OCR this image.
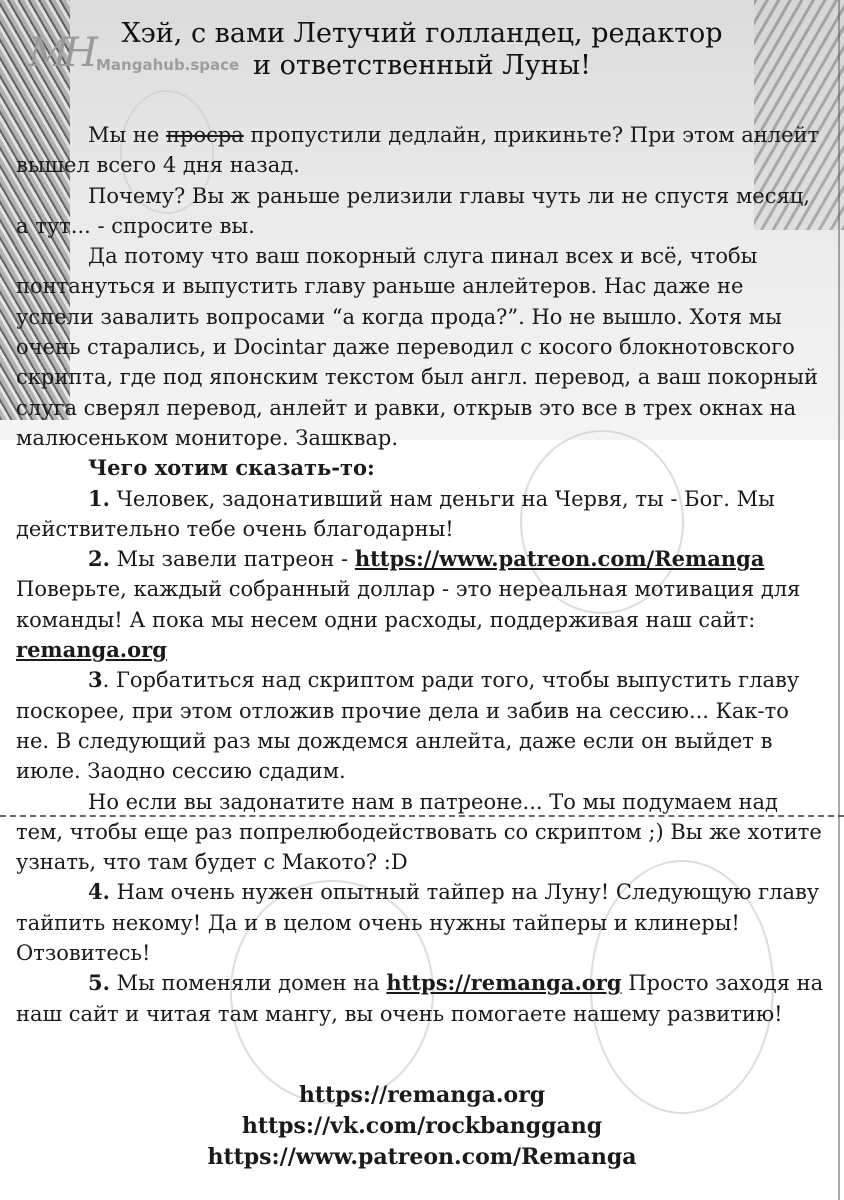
MH Mangahub.space
Хэй, с вами Летучий голландец, редактор
и ответственный Луны!

Мы не просра пропустили дедлайн, прикиньте? При этом анлейт вышел всего 4 дня назад.

Почему? Вы ж раньше релизили главы чуть ли не спустя месяц, а тут... - спросите вы.

Да потому что ваш покорный слуга пинал всех и всё, чтобы понтануться и выпустить главу раньше анлейтеров. Нас даже не успели завалить вопросами “а когда прода?”. Но не вышло. Хотя мы очень старались, и Docintar даже переводил с косого блокнотовского скрипта, где под японским текстом был англ. перевод, а ваш покорный слуга сверял перевод, анлейт и равки, открыв это все в трех окнах на малюсеньком мониторе. Зашквар.

Чего хотим сказать-то:

1. Человек, задонативший нам деньги на Червя, ты - Бог. Мы действительно тебе очень благодарны!

2. Мы завели патреон - https://www.patreon.com/Remanga Поверьте, каждый собранный доллар - это нереальная мотивация для команды! А пока мы несем одни расходы, поддерживая наш сайт: remanga.org

3. Горбатиться над скриптом ради того, чтобы выпустить главу поскорее, при этом отложив прочие дела и забив на сессию... Как-то не. В следующий раз мы дождемся анлейта, даже если он выйдет в июле. Заодно сессию сдадим.

Но если вы задонатите нам в патреоне... То мы подумаем над тем, чтобы еще раз попрелюбодействовать со скриптом ;) Вы же хотите узнать, что там будет с Макото? :D

4. Нам очень нужен опытный тайпер на Луну! Следующую главу тайпить некому! Да и в целом очень нужны тайперы и клинеры! Отзовитесь!

5. Мы поменяли домен на https://remanga.org Просто заходя на наш сайт и читая там мангу, вы очень помогаете нашему развитию!

https://remanga.org
https://vk.com/rockbanggang
https://www.patreon.com/Remanga
